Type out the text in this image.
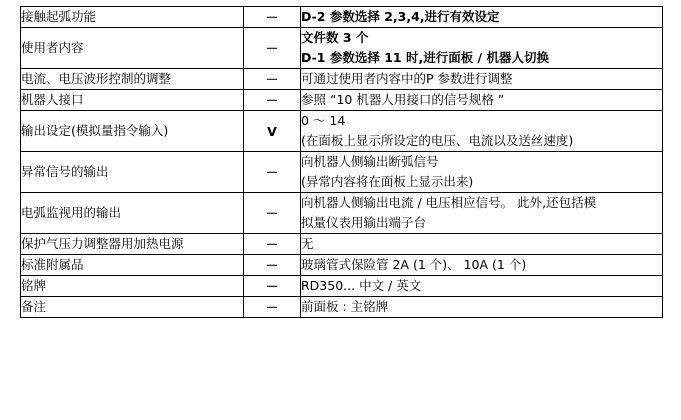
接触起弧功能	－	D-2 参数选择 2,3,4,进行有效设定

使用者内容	－	文件数 3 个
D-1 参数选择 11 时,进行面板 / 机器人切换

电流、电压波形控制的调整	－	可通过使用者内容中的P 参数进行调整

机器人接口	－	参照 “10 机器人用接口的信号规格 ”

输出设定(模拟量指令输入)	V	0 ～ 14
(在面板上显示所设定的电压、电流以及送丝速度)

异常信号的输出	－	向机器人侧输出断弧信号
(异常内容将在面板上显示出来)

电弧监视用的输出	－	向机器人侧输出电流 / 电压相应信号。 此外,还包括模
拟量仪表用输出端子台

保护气压力调整器用加热电源	－	无

标准附属品	－	玻璃管式保险管 2A (1 个)、 10A (1 个)

铭牌	－	RD350... 中文 / 英文

备注	－	前面板 : 主铭牌
